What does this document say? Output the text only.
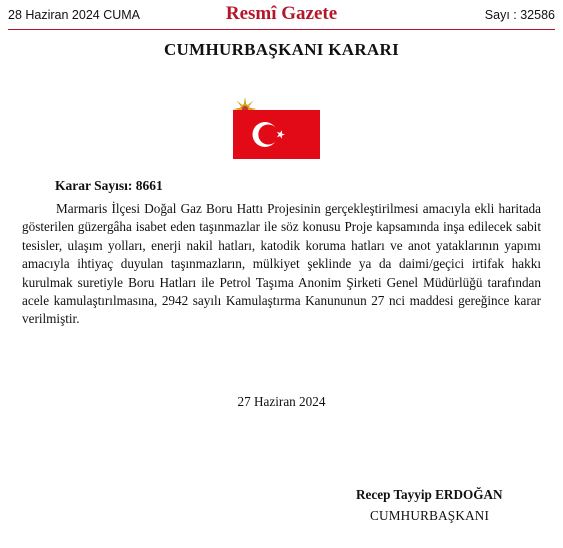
28 Haziran 2024 CUMA	Resmî Gazete	Sayı : 32586
CUMHURBAŞKANI KARARI
Karar Sayısı: 8661

Marmaris İlçesi Doğal Gaz Boru Hattı Projesinin gerçekleştirilmesi amacıyla ekli haritada gösterilen güzergâha isabet eden taşınmazlar ile söz konusu Proje kapsamında inşa edilecek sabit tesisler, ulaşım yolları, enerji nakil hatları, katodik koruma hatları ve anot yataklarının yapımı amacıyla ihtiyaç duyulan taşınmazların, mülkiyet şeklinde ya da daimi/geçici irtifak hakkı kurulmak suretiyle Boru Hatları ile Petrol Taşıma Anonim Şirketi Genel Müdürlüğü tarafından acele kamulaştırılmasına, 2942 sayılı Kamulaştırma Kanununun 27 nci maddesi gereğince karar verilmiştir.

27 Haziran 2024
Recep Tayyip ERDOĞAN
CUMHURBAŞKANI
